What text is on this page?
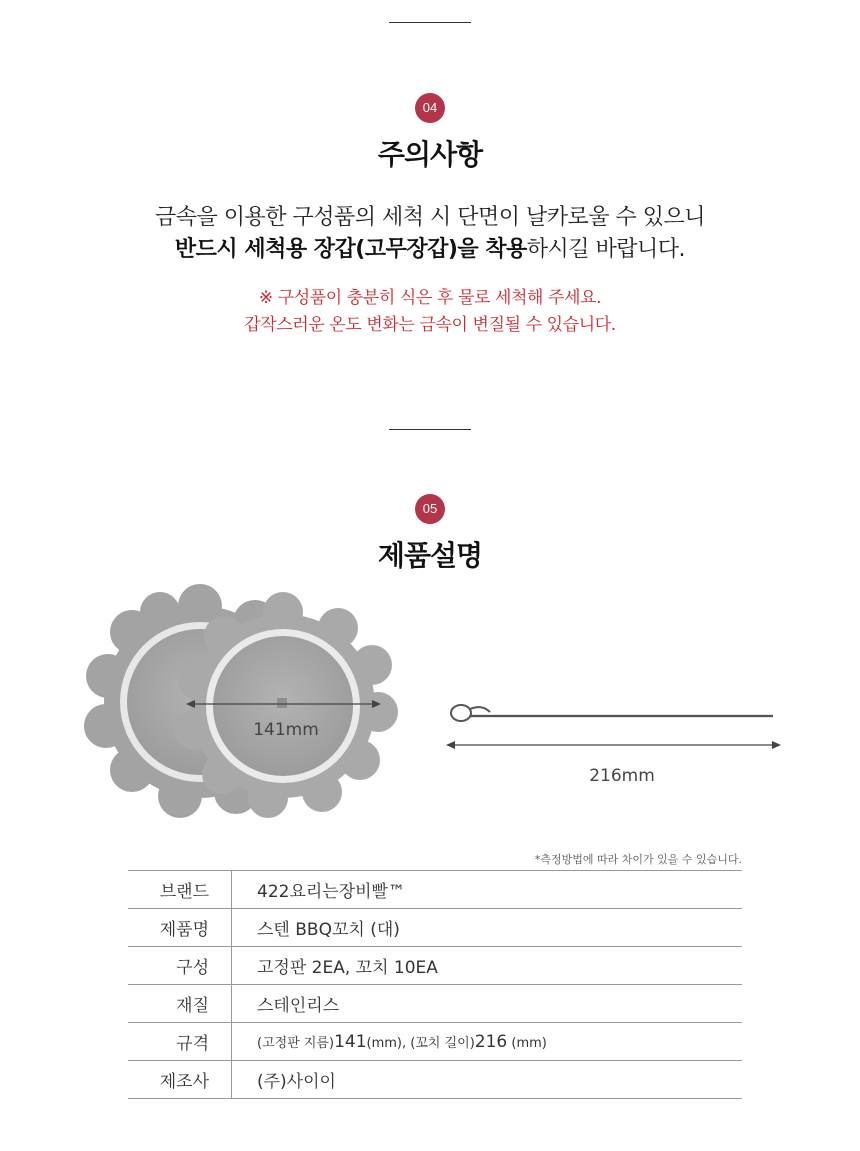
04
주의사항
금속을 이용한 구성품의 세척 시 단면이 날카로울 수 있으니
반드시 세척용 장갑(고무장갑)을 착용하시길 바랍니다.
※ 구성품이 충분히 식은 후 물로 세척해 주세요.
갑작스러운 온도 변화는 금속이 변질될 수 있습니다.
05
제품설명
141mm
216mm
*측정방법에 따라 차이가 있을 수 있습니다.
브랜드	422요리는장비빨™
제품명	스텐 BBQ꼬치 (대)
구성	고정판 2EA, 꼬치 10EA
재질	스테인리스
규격	(고정판 지름)141(mm), (꼬치 길이)216 (mm)
제조사	(주)사이이
